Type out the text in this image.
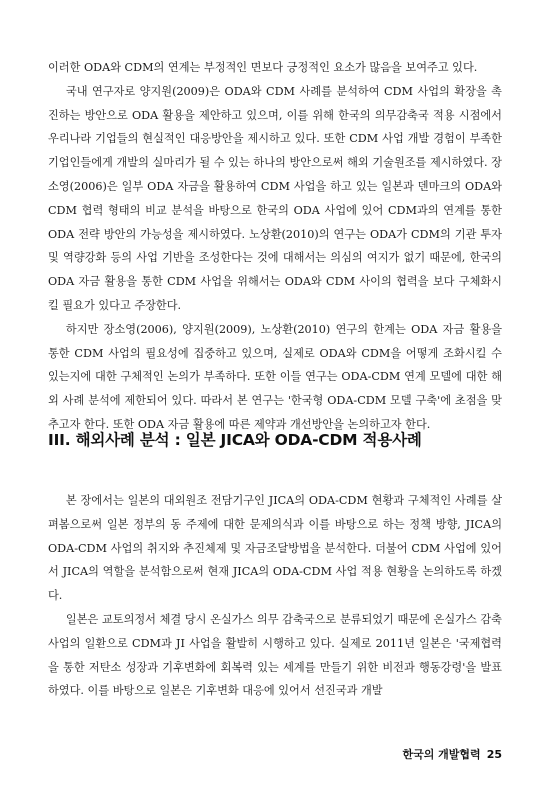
이러한 ODA와 CDM의 연계는 부정적인 면보다 긍정적인 요소가 많음을 보여주고 있다.

국내 연구자로 양지원(2009)은 ODA와 CDM 사례를 분석하여 CDM 사업의 확장을 촉진하는 방안으로 ODA 활용을 제안하고 있으며, 이를 위해 한국의 의무감축국 적용 시점에서 우리나라 기업들의 현실적인 대응방안을 제시하고 있다. 또한 CDM 사업 개발 경험이 부족한 기업인들에게 개발의 실마리가 될 수 있는 하나의 방안으로써 해외 기술원조를 제시하였다. 장소영(2006)은 일부 ODA 자금을 활용하여 CDM 사업을 하고 있는 일본과 덴마크의 ODA와 CDM 협력 형태의 비교 분석을 바탕으로 한국의 ODA 사업에 있어 CDM과의 연계를 통한 ODA 전략 방안의 가능성을 제시하였다. 노상환(2010)의 연구는 ODA가 CDM의 기관 투자 및 역량강화 등의 사업 기반을 조성한다는 것에 대해서는 의심의 여지가 없기 때문에, 한국의 ODA 자금 활용을 통한 CDM 사업을 위해서는 ODA와 CDM 사이의 협력을 보다 구체화시킬 필요가 있다고 주장한다.

하지만 장소영(2006), 양지원(2009), 노상환(2010) 연구의 한계는 ODA 자금 활용을 통한 CDM 사업의 필요성에 집중하고 있으며, 실제로 ODA와 CDM을 어떻게 조화시킬 수 있는지에 대한 구체적인 논의가 부족하다. 또한 이들 연구는 ODA-CDM 연계 모델에 대한 해외 사례 분석에 제한되어 있다. 따라서 본 연구는 '한국형 ODA-CDM 모델 구축'에 초점을 맞추고자 한다. 또한 ODA 자금 활용에 따른 제약과 개선방안을 논의하고자 한다.

III. 해외사례 분석 : 일본 JICA와 ODA-CDM 적용사례

본 장에서는 일본의 대외원조 전담기구인 JICA의 ODA-CDM 현황과 구체적인 사례를 살펴봄으로써 일본 정부의 동 주제에 대한 문제의식과 이를 바탕으로 하는 정책 방향, JICA의 ODA-CDM 사업의 취지와 추진체제 및 자금조달방법을 분석한다. 더불어 CDM 사업에 있어서 JICA의 역할을 분석함으로써 현재 JICA의 ODA-CDM 사업 적용 현황을 논의하도록 하겠다.

일본은 교토의정서 체결 당시 온실가스 의무 감축국으로 분류되었기 때문에 온실가스 감축사업의 일환으로 CDM과 JI 사업을 활발히 시행하고 있다. 실제로 2011년 일본은 '국제협력을 통한 저탄소 성장과 기후변화에 회복력 있는 세계를 만들기 위한 비전과 행동강령'을 발표하였다. 이를 바탕으로 일본은 기후변화 대응에 있어서 선진국과 개발

한국의 개발협력 25
